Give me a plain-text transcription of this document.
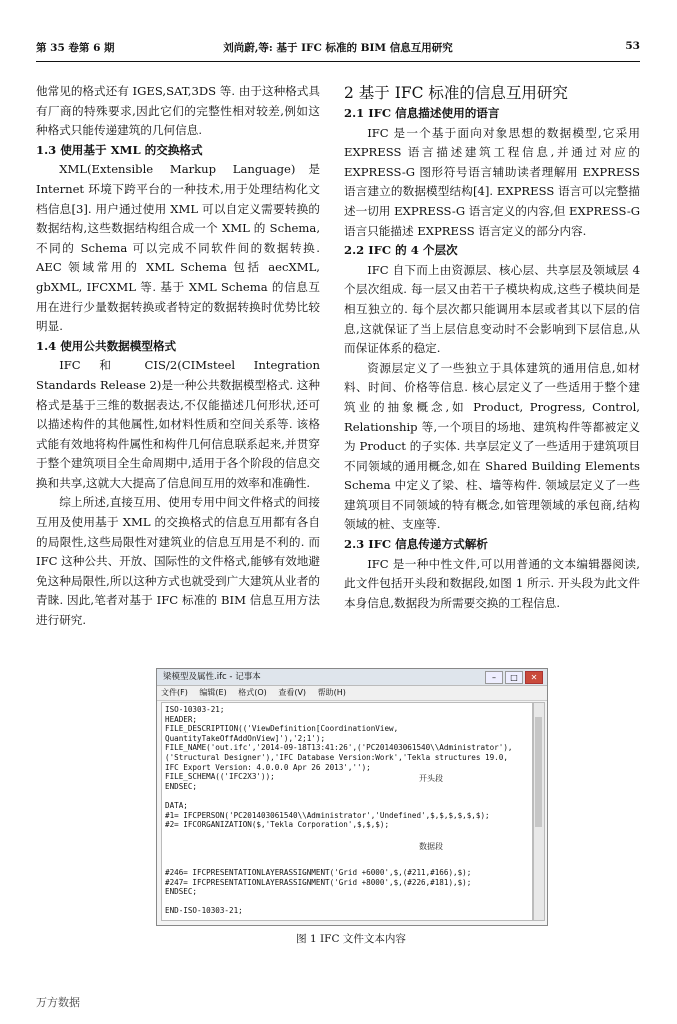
第 35 卷第 6 期	刘尚蔚,等: 基于 IFC 标准的 BIM 信息互用研究	53

他常见的格式还有 IGES,SAT,3DS 等. 由于这种格式具有厂商的特殊要求,因此它们的完整性相对较差,例如这种格式只能传递建筑的几何信息.

1.3 使用基于 XML 的交换格式

XML(Extensible Markup Language)是 Internet 环境下跨平台的一种技术,用于处理结构化文档信息[3]. 用户通过使用 XML 可以自定义需要转换的数据结构,这些数据结构组合成一个 XML 的 Schema,不同的 Schema 可以完成不同软件间的数据转换. AEC 领域常用的 XML Schema 包括 aecXML, gbXML, IFCXML 等. 基于 XML Schema 的信息互用在进行少量数据转换或者特定的数据转换时优势比较明显.

1.4 使用公共数据模型格式

IFC 和 CIS/2(CIMsteel Integration Standards Release 2)是一种公共数据模型格式. 这种格式是基于三维的数据表达,不仅能描述几何形状,还可以描述构件的其他属性,如材料性质和空间关系等. 该格式能有效地将构件属性和构件几何信息联系起来,并贯穿于整个建筑项目全生命周期中,适用于各个阶段的信息交换和共享,这就大大提高了信息间互用的效率和准确性.

综上所述,直接互用、使用专用中间文件格式的间接互用及使用基于 XML 的交换格式的信息互用都有各自的局限性,这些局限性对建筑业的信息互用是不利的. 而 IFC 这种公共、开放、国际性的文件格式,能够有效地避免这种局限性,所以这种方式也就受到广大建筑从业者的青睐. 因此,笔者对基于 IFC 标准的 BIM 信息互用方法进行研究.

2 基于 IFC 标准的信息互用研究

2.1 IFC 信息描述使用的语言

IFC 是一个基于面向对象思想的数据模型,它采用 EXPRESS 语言描述建筑工程信息,并通过对应的 EXPRESS-G 图形符号语言辅助读者理解用 EXPRESS 语言建立的数据模型结构[4]. EXPRESS 语言可以完整描述一切用 EXPRESS-G 语言定义的内容,但 EXPRESS-G 语言只能描述 EXPRESS 语言定义的部分内容.

2.2 IFC 的 4 个层次

IFC 自下而上由资源层、核心层、共享层及领域层 4 个层次组成. 每一层又由若干子模块构成,这些子模块间是相互独立的. 每个层次都只能调用本层或者其以下层的信息,这就保证了当上层信息变动时不会影响到下层信息,从而保证体系的稳定.

资源层定义了一些独立于具体建筑的通用信息,如材料、时间、价格等信息. 核心层定义了一些适用于整个建筑业的抽象概念,如 Product, Progress, Control, Relationship 等,一个项目的场地、建筑构件等都被定义为 Product 的子实体. 共享层定义了一些适用于建筑项目不同领域的通用概念,如在 Shared Building Elements Schema 中定义了梁、柱、墙等构件. 领域层定义了一些建筑项目不同领域的特有概念,如管理领域的承包商,结构领域的桩、支座等.

2.3 IFC 信息传递方式解析

IFC 是一种中性文件,可以用普通的文本编辑器阅读,此文件包括开头段和数据段,如图 1 所示. 开头段为此文件本身信息,数据段为所需要交换的工程信息.

梁模型及属性.ifc - 记事本	–	□	✕
文件(F) 编辑(E) 格式(O) 查看(V) 帮助(H)
ISO-10303-21;
HEADER;
FILE_DESCRIPTION(('ViewDefinition[CoordinationView,
QuantityTakeOffAddOnView]'),'2;1');
FILE_NAME('out.ifc','2014-09-18T13:41:26',('PC201403061540\\Administrator'),
('Structural Designer'),'IFC Database Version:Work','Tekla structures 19.0,
IFC Export Version: 4.0.0.0 Apr 26 2013','');
FILE_SCHEMA(('IFC2X3'));
ENDSEC;

DATA;
#1= IFCPERSON('PC201403061540\\Administrator','Undefined',$,$,$,$,$,$);
#2= IFCORGANIZATION($,'Tekla Corporation',$,$,$);

#246= IFCPRESENTATIONLAYERASSIGNMENT('Grid +6000',$,(#211,#166),$);
#247= IFCPRESENTATIONLAYERASSIGNMENT('Grid +8000',$,(#226,#181),$);
ENDSEC;

END-ISO-10303-21;
开头段
数据段
图 1 IFC 文件文本内容
万方数据
